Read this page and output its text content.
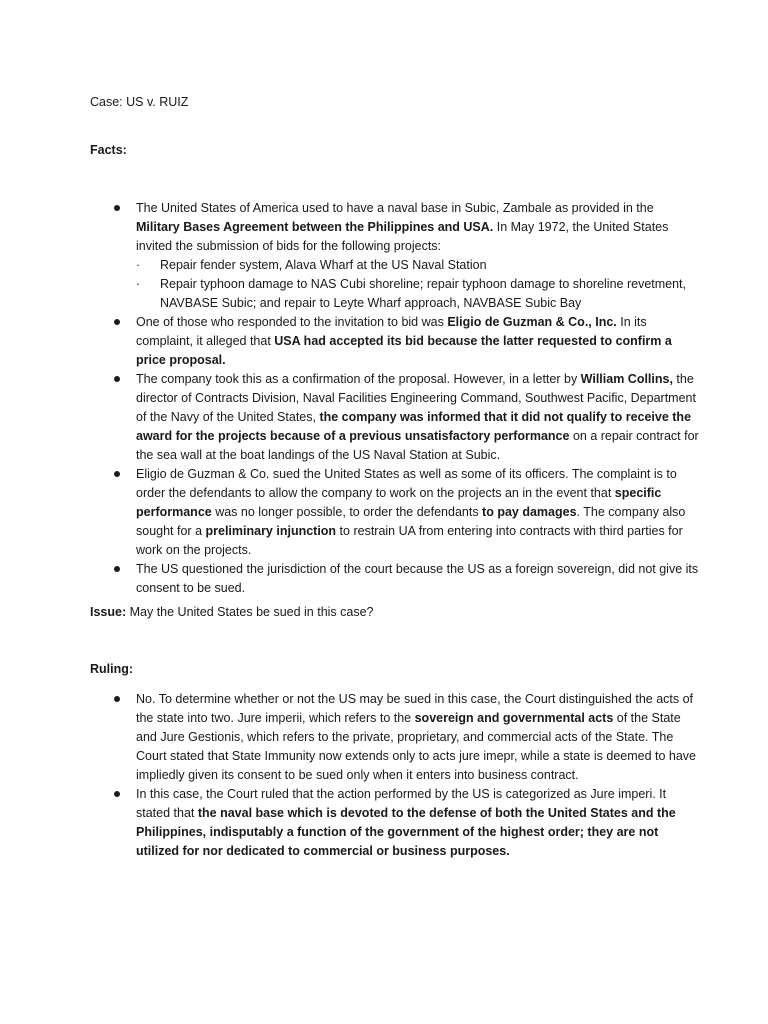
Case: US v. RUIZ

Facts:

The United States of America used to have a naval base in Subic, Zambale as provided in the Military Bases Agreement between the Philippines and USA. In May 1972, the United States invited the submission of bids for the following projects:
· Repair fender system, Alava Wharf at the US Naval Station
· Repair typhoon damage to NAS Cubi shoreline; repair typhoon damage to shoreline revetment, NAVBASE Subic; and repair to Leyte Wharf approach, NAVBASE Subic Bay
One of those who responded to the invitation to bid was Eligio de Guzman & Co., Inc. In its complaint, it alleged that USA had accepted its bid because the latter requested to confirm a price proposal.
The company took this as a confirmation of the proposal. However, in a letter by William Collins, the director of Contracts Division, Naval Facilities Engineering Command, Southwest Pacific, Department of the Navy of the United States, the company was informed that it did not qualify to receive the award for the projects because of a previous unsatisfactory performance on a repair contract for the sea wall at the boat landings of the US Naval Station at Subic.
Eligio de Guzman & Co. sued the United States as well as some of its officers. The complaint is to order the defendants to allow the company to work on the projects an in the event that specific performance was no longer possible, to order the defendants to pay damages. The company also sought for a preliminary injunction to restrain UA from entering into contracts with third parties for work on the projects.
The US questioned the jurisdiction of the court because the US as a foreign sovereign, did not give its consent to be sued.

Issue: May the United States be sued in this case?

Ruling:

No. To determine whether or not the US may be sued in this case, the Court distinguished the acts of the state into two. Jure imperii, which refers to the sovereign and governmental acts of the State and Jure Gestionis, which refers to the private, proprietary, and commercial acts of the State. The Court stated that State Immunity now extends only to acts jure imepr, while a state is deemed to have impliedly given its consent to be sued only when it enters into business contract.
In this case, the Court ruled that the action performed by the US is categorized as Jure imperi. It stated that the naval base which is devoted to the defense of both the United States and the Philippines, indisputably a function of the government of the highest order; they are not utilized for nor dedicated to commercial or business purposes.
